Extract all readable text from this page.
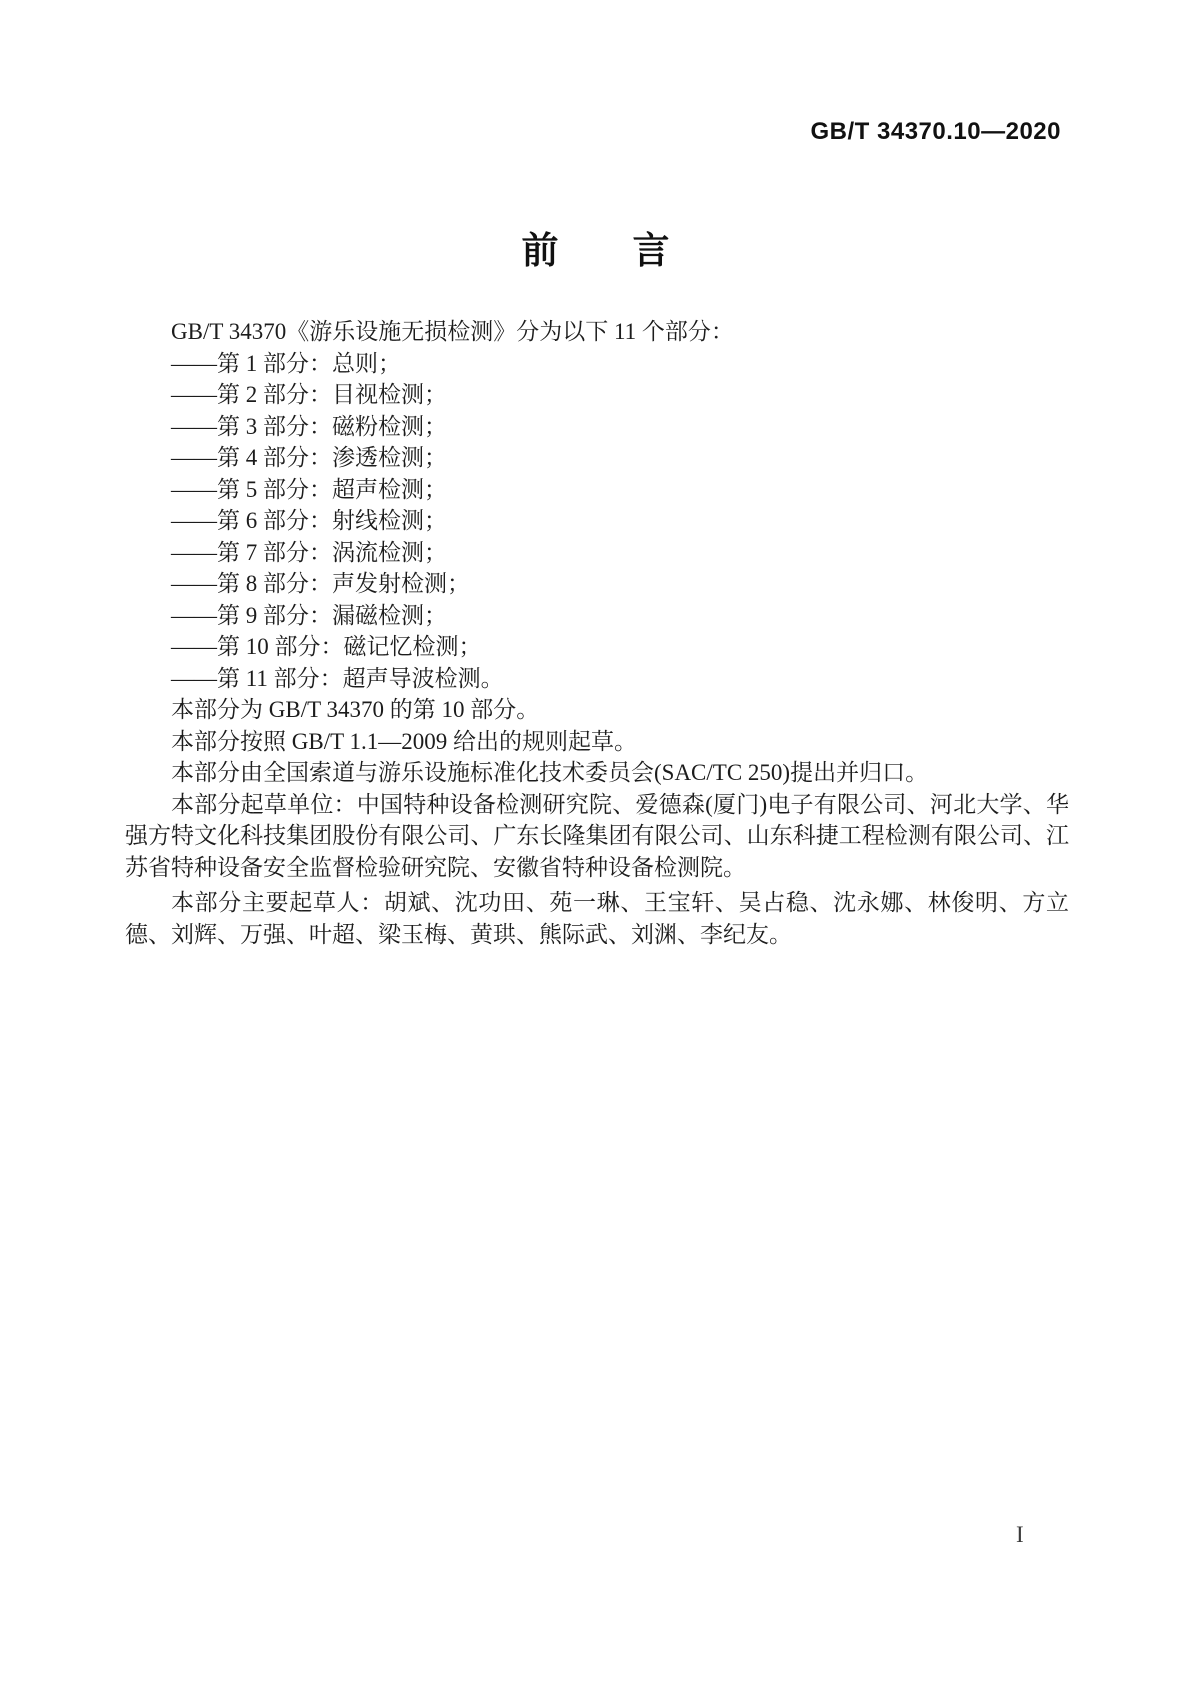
GB/T 34370.10—2020
前　　言

GB/T 34370《游乐设施无损检测》分为以下 11 个部分：

——第 1 部分：总则；
——第 2 部分：目视检测；
——第 3 部分：磁粉检测；
——第 4 部分：渗透检测；
——第 5 部分：超声检测；
——第 6 部分：射线检测；
——第 7 部分：涡流检测；
——第 8 部分：声发射检测；
——第 9 部分：漏磁检测；
——第 10 部分：磁记忆检测；
——第 11 部分：超声导波检测。

本部分为 GB/T 34370 的第 10 部分。

本部分按照 GB/T 1.1—2009 给出的规则起草。

本部分由全国索道与游乐设施标准化技术委员会(SAC/TC 250)提出并归口。

本部分起草单位：中国特种设备检测研究院、爱德森(厦门)电子有限公司、河北大学、华强方特文化科技集团股份有限公司、广东长隆集团有限公司、山东科捷工程检测有限公司、江苏省特种设备安全监督检验研究院、安徽省特种设备检测院。

本部分主要起草人：胡斌、沈功田、苑一琳、王宝轩、吴占稳、沈永娜、林俊明、方立德、刘辉、万强、叶超、梁玉梅、黄珙、熊际武、刘渊、李纪友。

I
